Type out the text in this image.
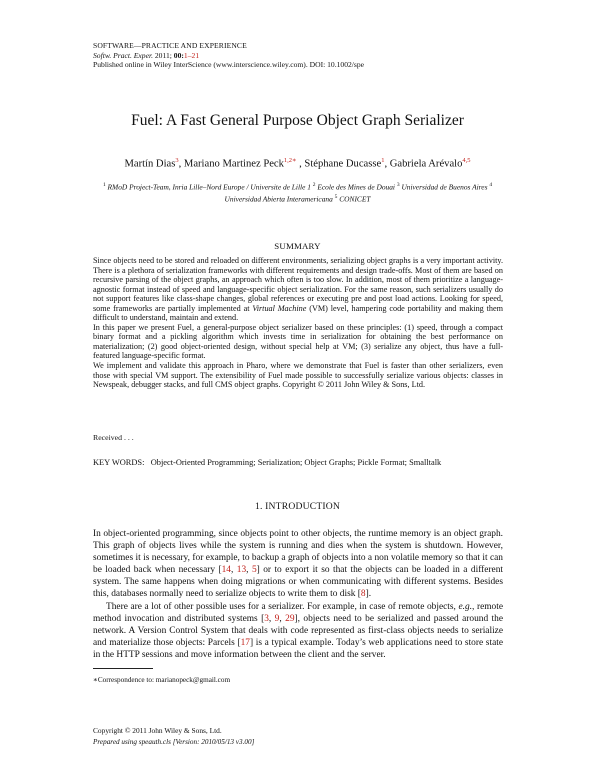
SOFTWARE—PRACTICE AND EXPERIENCE
Softw. Pract. Exper. 2011; 00:1–21
Published online in Wiley InterScience (www.interscience.wiley.com). DOI: 10.1002/spe
Fuel: A Fast General Purpose Object Graph Serializer
Martín Dias$^3$, Mariano Martinez Peck$^{1,2∗}$ , Stéphane Ducasse$^1$, Gabriela Arévalo$^{4,5}$
$^1$ RMoD Project-Team, Inria Lille–Nord Europe / Universite de Lille 1 $^2$ Ecole des Mines de Douai $^3$ Universidad de Buenos Aires $^4$ Universidad Abierta Interamericana $^5$ CONICET
SUMMARY

Since objects need to be stored and reloaded on different environments, serializing object graphs is a very important activity. There is a plethora of serialization frameworks with different requirements and design trade-offs. Most of them are based on recursive parsing of the object graphs, an approach which often is too slow. In addition, most of them prioritize a language-agnostic format instead of speed and language-specific object serialization. For the same reason, such serializers usually do not support features like class-shape changes, global references or executing pre and post load actions. Looking for speed, some frameworks are partially implemented at Virtual Machine (VM) level, hampering code portability and making them difficult to understand, maintain and extend.

In this paper we present Fuel, a general-purpose object serializer based on these principles: (1) speed, through a compact binary format and a pickling algorithm which invests time in serialization for obtaining the best performance on materialization; (2) good object-oriented design, without special help at VM; (3) serialize any object, thus have a full-featured language-specific format.

We implement and validate this approach in Pharo, where we demonstrate that Fuel is faster than other serializers, even those with special VM support. The extensibility of Fuel made possible to successfully serialize various objects: classes in Newspeak, debugger stacks, and full CMS object graphs. Copyright © 2011 John Wiley & Sons, Ltd.

Received . . .
KEY WORDS: Object-Oriented Programming; Serialization; Object Graphs; Pickle Format; Smalltalk
1. INTRODUCTION

In object-oriented programming, since objects point to other objects, the runtime memory is an object graph. This graph of objects lives while the system is running and dies when the system is shutdown. However, sometimes it is necessary, for example, to backup a graph of objects into a non volatile memory so that it can be loaded back when necessary [14, 13, 5] or to export it so that the objects can be loaded in a different system. The same happens when doing migrations or when communicating with different systems. Besides this, databases normally need to serialize objects to write them to disk [8].

There are a lot of other possible uses for a serializer. For example, in case of remote objects, e.g., remote method invocation and distributed systems [3, 9, 29], objects need to be serialized and passed around the network. A Version Control System that deals with code represented as first-class objects needs to serialize and materialize those objects: Parcels [17] is a typical example. Today’s web applications need to store state in the HTTP sessions and move information between the client and the server.

∗Correspondence to: marianopeck@gmail.com
Copyright © 2011 John Wiley & Sons, Ltd.
Prepared using speauth.cls [Version: 2010/05/13 v3.00]
